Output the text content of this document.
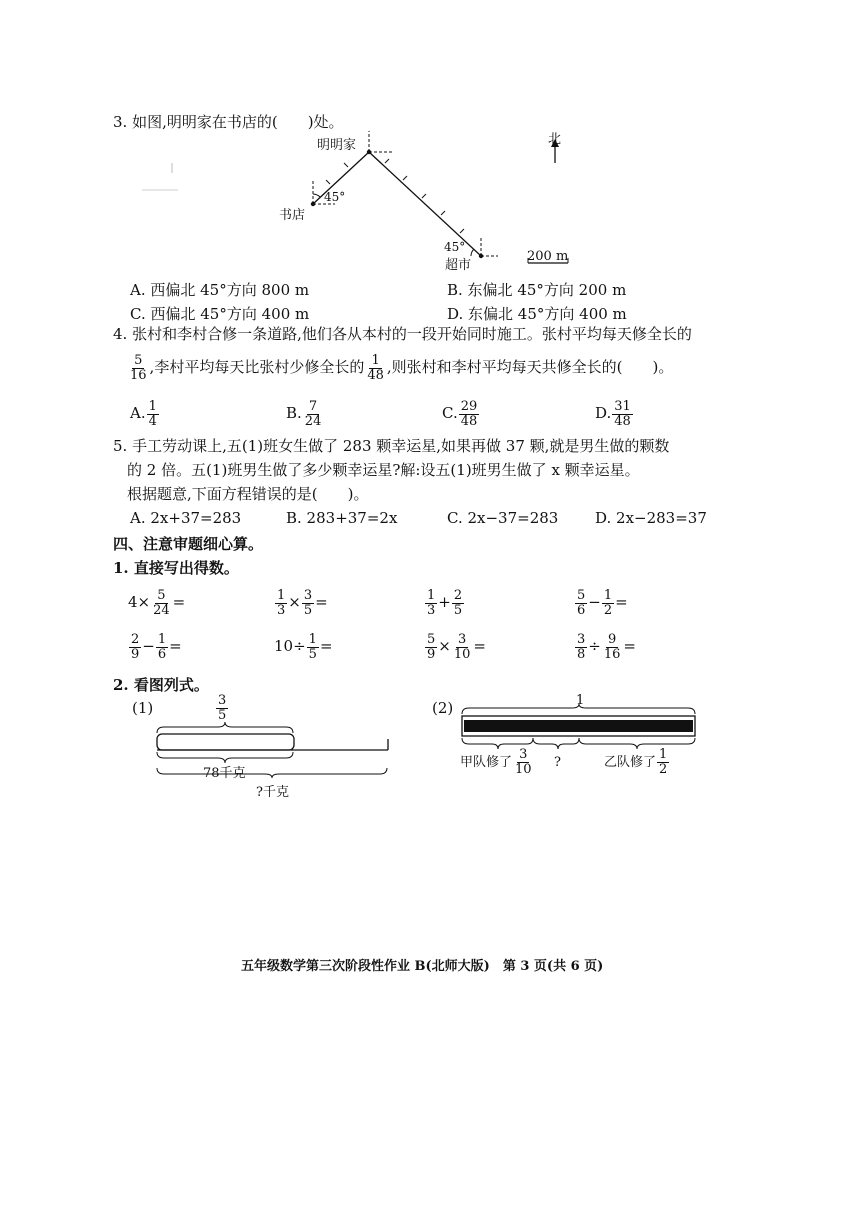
3. 如图,明明家在书店的(　　)处。
明明家
书店
超市
45°
45°
北
200 m
A. 西偏北 45°方向 800 m	B. 东偏北 45°方向 200 m
C. 西偏北 45°方向 400 m	D. 东偏北 45°方向 400 m
4. 张村和李村合修一条道路,他们各从本村的一段开始同时施工。张村平均每天修全长的
$\frac{5}{16}$ ,李村平均每天比张村少修全长的 $\frac{1}{48}$ ,则张村和李村平均每天共修全长的(　　)。
A. $\frac{1}{4}$	B. $\frac{7}{24}$	C. $\frac{29}{48}$	D. $\frac{31}{48}$
5. 手工劳动课上,五(1)班女生做了 283 颗幸运星,如果再做 37 颗,就是男生做的颗数
的 2 倍。五(1)班男生做了多少颗幸运星?解:设五(1)班男生做了 x 颗幸运星。
根据题意,下面方程错误的是(　　)。
A. 2x+37=283	B. 283+37=2x	C. 2x−37=283 D. 2x−283=37
四、注意审题细心算。
1. 直接写出得数。
$4\times \frac{5}{24}$ =	$\frac{1}{3} \times \frac{3}{5}$ =	$\frac{1}{3} + \frac{2}{5}$	$\frac{5}{6} - \frac{1}{2}$ =
$\frac{2}{9} - \frac{1}{6}$ =	$10\div \frac{1}{5}$ =	$\frac{5}{9} \times \frac{3}{10}$ =	$\frac{3}{8} \div \frac{9}{16}$ =
2. 看图列式。
(1)	$\frac{3}{5}$
78千克
?千克
(2)	1
甲队修了 $\frac{3}{10}$ ?	乙队修了 $\frac{1}{2}$
五年级数学第三次阶段性作业 B(北师大版)　第 3 页(共 6 页)
